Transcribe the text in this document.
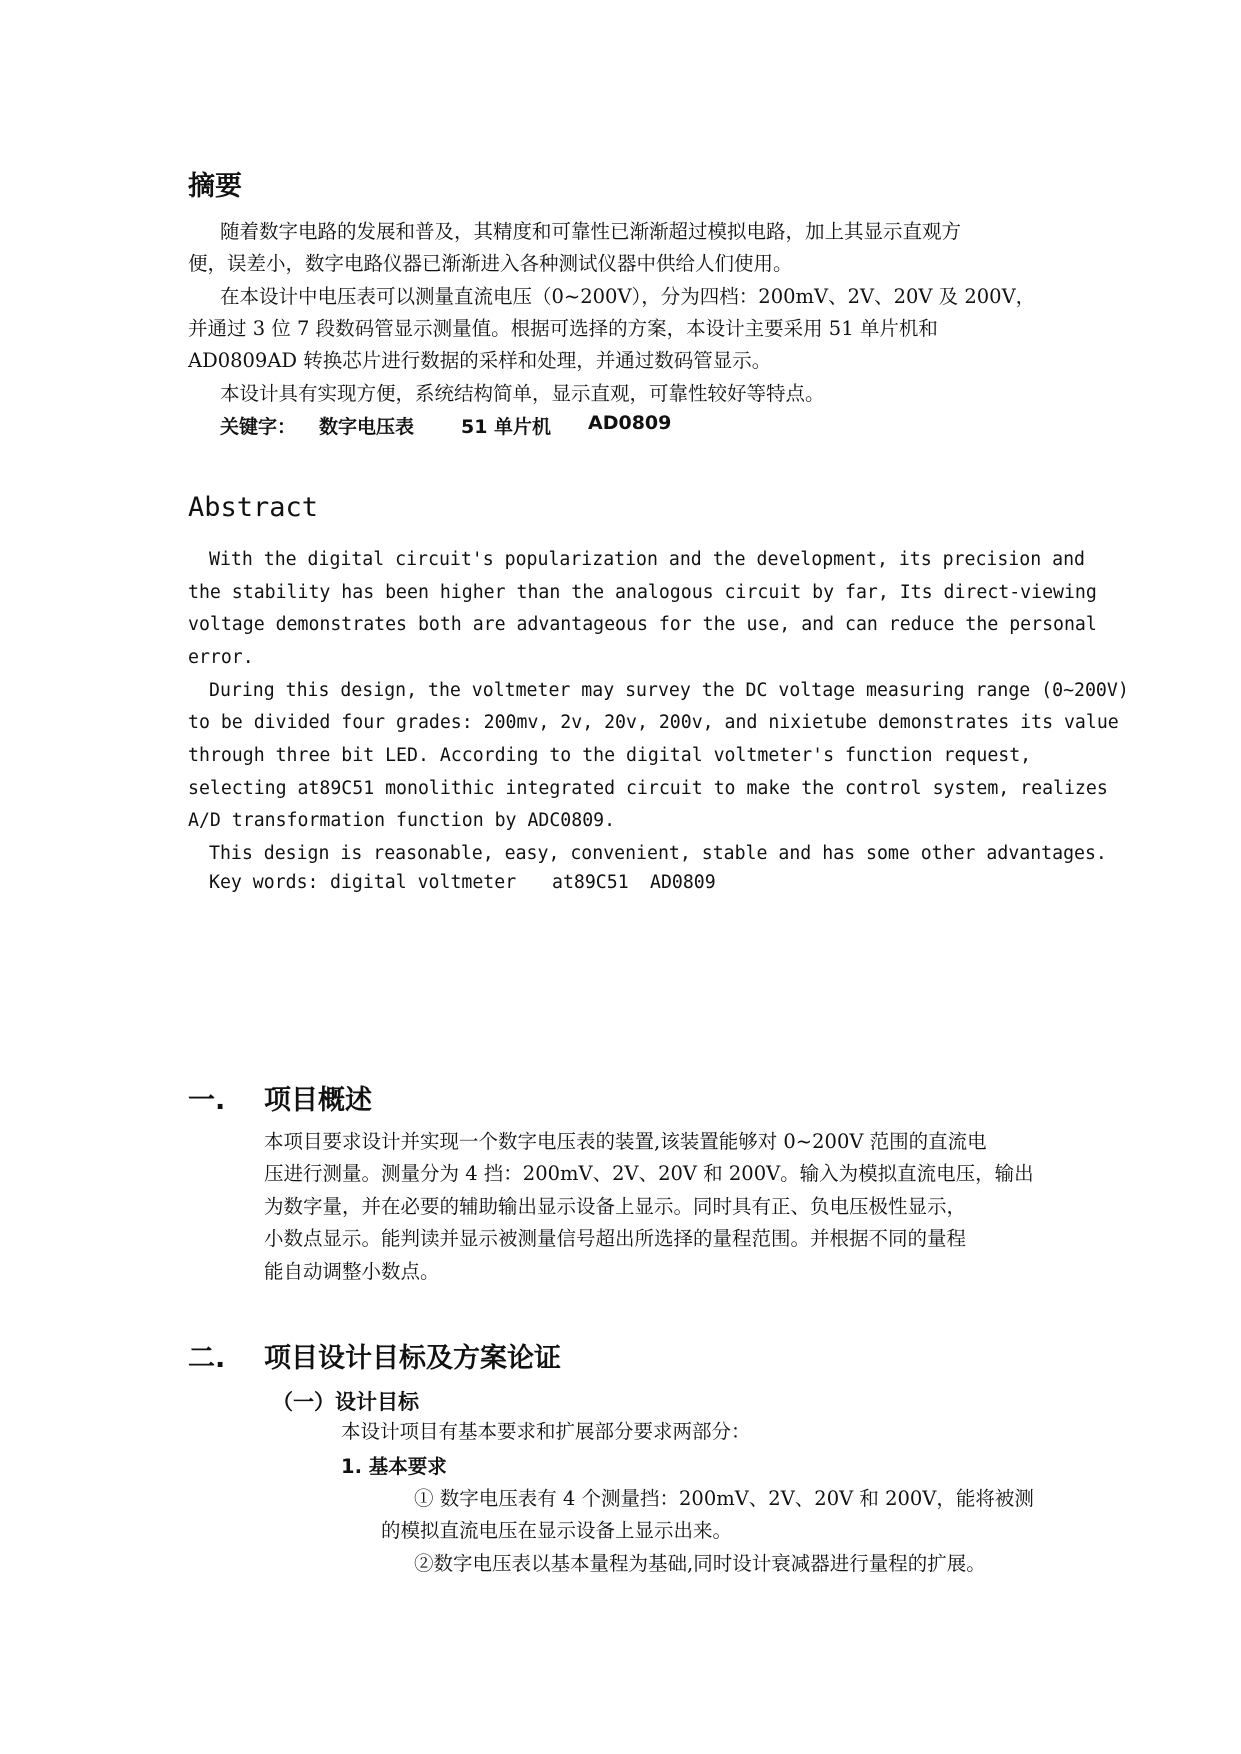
摘要
随着数字电路的发展和普及，其精度和可靠性已渐渐超过模拟电路，加上其显示直观方
便，误差小，数字电路仪器已渐渐进入各种测试仪器中供给人们使用。
在本设计中电压表可以测量直流电压（0~200V），分为四档：200mV、2V、20V 及 200V，
并通过 3 位 7 段数码管显示测量值。根据可选择的方案，本设计主要采用 51 单片机和
AD0809AD 转换芯片进行数据的采样和处理，并通过数码管显示。
本设计具有实现方便，系统结构简单，显示直观，可靠性较好等特点。
关键字： 数字电压表 51 单片机 AD0809
Abstract
With the digital circuit's popularization and the development, its precision and
the stability has been higher than the analogous circuit by far, Its direct-viewing
voltage demonstrates both are advantageous for the use, and can reduce the personal
error.
During this design, the voltmeter may survey the DC voltage measuring range (0~200V)
to be divided four grades: 200mv, 2v, 20v, 200v, and nixietube demonstrates its value
through three bit LED. According to the digital voltmeter's function request,
selecting at89C51 monolithic integrated circuit to make the control system, realizes
A/D transformation function by ADC0809.
This design is reasonable, easy, convenient, stable and has some other advantages.
Key words: digital voltmeter at89C51 AD0809
一. 项目概述
本项目要求设计并实现一个数字电压表的装置,该装置能够对 0~200V 范围的直流电
压进行测量。测量分为 4 挡：200mV、2V、20V 和 200V。输入为模拟直流电压，输出
为数字量，并在必要的辅助输出显示设备上显示。同时具有正、负电压极性显示，
小数点显示。能判读并显示被测量信号超出所选择的量程范围。并根据不同的量程
能自动调整小数点。
二. 项目设计目标及方案论证
（一）设计目标
本设计项目有基本要求和扩展部分要求两部分：
1. 基本要求
① 数字电压表有 4 个测量挡：200mV、2V、20V 和 200V，能将被测
的模拟直流电压在显示设备上显示出来。
②数字电压表以基本量程为基础,同时设计衰减器进行量程的扩展。
